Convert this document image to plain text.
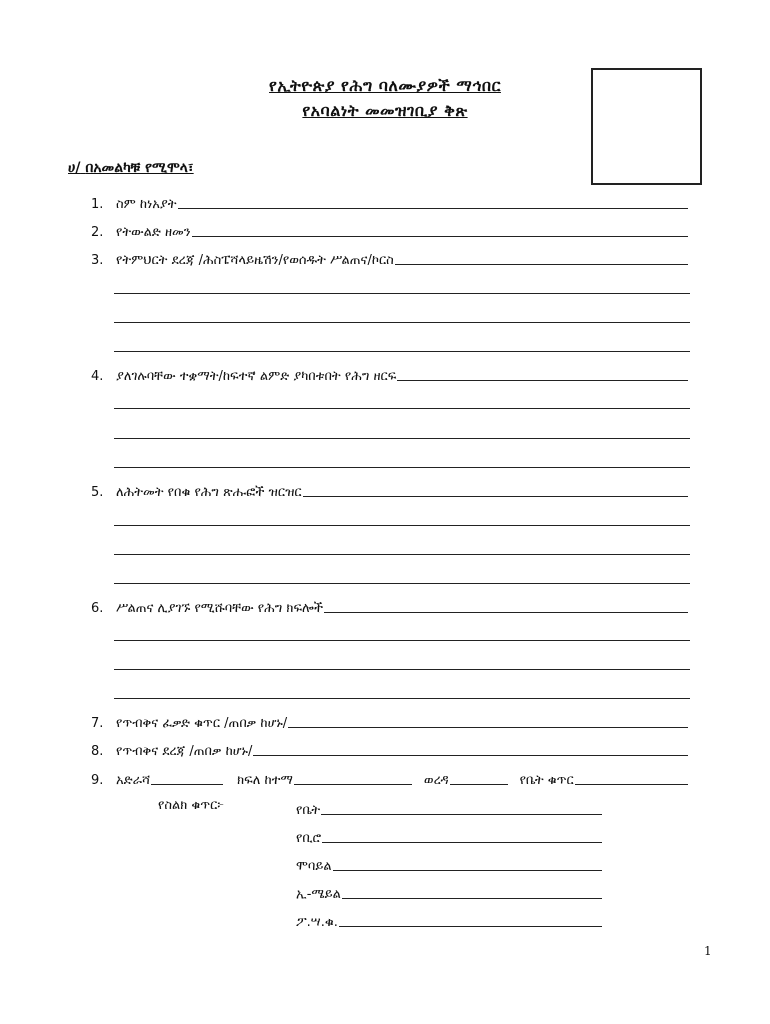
የኢትዮጵያ የሕግ ባለሙያዎች ማኅበር
የአባልነት መመዝገቢያ ቅጽ
ሀ/ በአመልካቹ የሚሞላ፣
1. ስም ከነአያት
2. የትውልድ ዘመን
3. የትምህርት ደረጃ /ሕስፔሻላይዜሽን/የወሰዱት ሥልጠና/ኮርስ
4. ያለገሉባቸው ተቋማት/ከፍተኛ ልምድ ያካበቱበት የሕግ ዘርፍ
5. ለሕትመት የበቁ የሕግ ጽሑፎች ዝርዝር
6. ሥልጠና ሊያገኙ የሚሹባቸው የሕግ ክፍሎች
7. የጥብቅና ፈቃድ ቁጥር /ጠበቃ ከሆኑ/
8. የጥብቅና ደረጃ /ጠበቃ ከሆኑ/
9. አድራሻ	ክፍለ ከተማ	ወረዳ	የቤት ቁጥር
የስልክ ቁጥር፦	የቤት
የቢሮ
ሞባይል
ኢ-ሜይል
ፖ.ሣ.ቁ.
1
